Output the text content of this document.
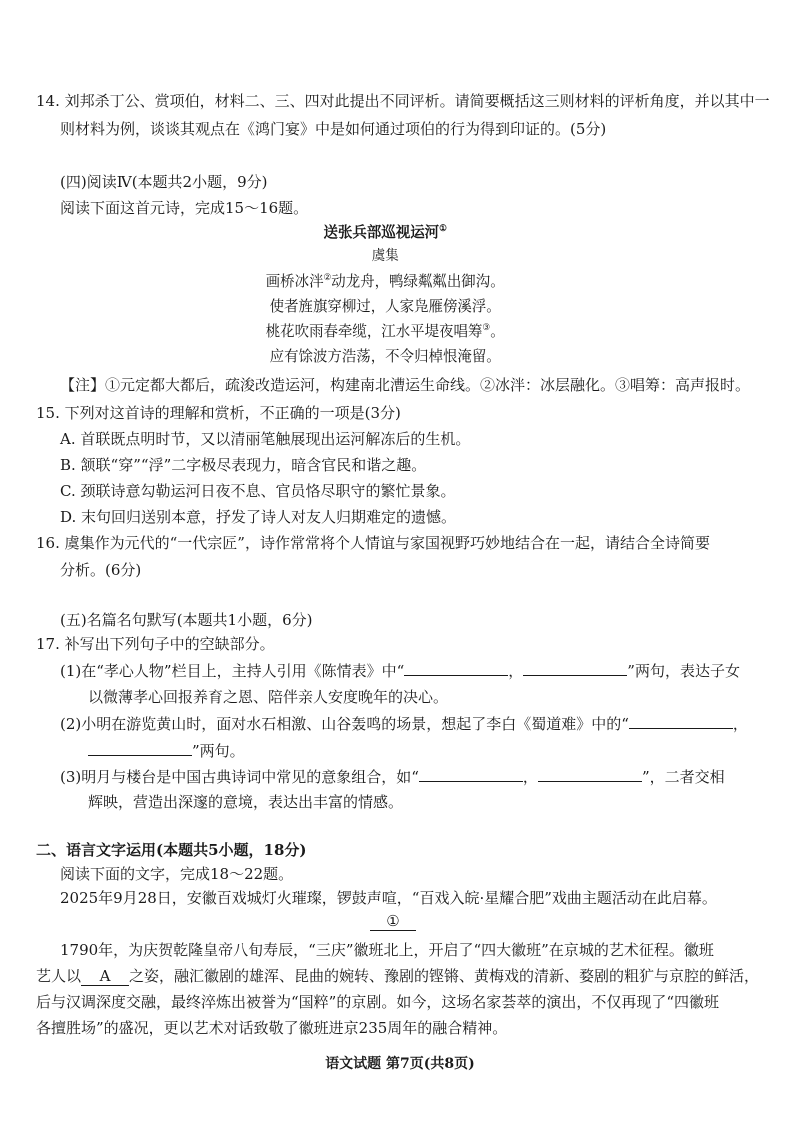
14. 刘邦杀丁公、赏项伯，材料二、三、四对此提出不同评析。请简要概括这三则材料的评析角度，并以其中一

则材料为例，谈谈其观点在《鸿门宴》中是如何通过项伯的行为得到印证的。(5分)

(四)阅读Ⅳ(本题共2小题，9分)

阅读下面这首元诗，完成15～16题。

送张兵部巡视运河①

虞集

画桥冰泮②动龙舟，鸭绿粼粼出御沟。
使者旌旗穿柳过，人家凫雁傍溪浮。
桃花吹雨春牵缆，江水平堤夜唱筹③。
应有馀波方浩荡，不令归棹恨淹留。

【注】①元定都大都后，疏浚改造运河，构建南北漕运生命线。②冰泮：冰层融化。③唱筹：高声报时。

15. 下列对这首诗的理解和赏析，不正确的一项是(3分)

A. 首联既点明时节，又以清丽笔触展现出运河解冻后的生机。

B. 颔联“穿”“浮”二字极尽表现力，暗含官民和谐之趣。

C. 颈联诗意勾勒运河日夜不息、官员恪尽职守的繁忙景象。

D. 末句回归送别本意，抒发了诗人对友人归期难定的遗憾。

16. 虞集作为元代的“一代宗匠”，诗作常常将个人情谊与家国视野巧妙地结合在一起，请结合全诗简要

分析。(6分)

(五)名篇名句默写(本题共1小题，6分)

17. 补写出下列句子中的空缺部分。

(1)在“孝心人物”栏目上，主持人引用《陈情表》中“	，	”两句，表达子女

以微薄孝心回报养育之恩、陪伴亲人安度晚年的决心。

(2)小明在游览黄山时，面对水石相激、山谷轰鸣的场景，想起了李白《蜀道难》中的“	，
”两句。
(3)明月与楼台是中国古典诗词中常见的意象组合，如“	，	”，二者交相

辉映，营造出深邃的意境，表达出丰富的情感。

二、语言文字运用(本题共5小题，18分)

阅读下面的文字，完成18～22题。

2025年9月28日，安徽百戏城灯火璀璨，锣鼓声喧，“百戏入皖·星耀合肥”戏曲主题活动在此启幕。

①

1790年，为庆贺乾隆皇帝八旬寿辰，“三庆”徽班北上，开启了“四大徽班”在京城的艺术征程。徽班

艺人以 A 之姿，融汇徽剧的雄浑、昆曲的婉转、豫剧的铿锵、黄梅戏的清新、婺剧的粗犷与京腔的鲜活，

后与汉调深度交融，最终淬炼出被誉为“国粹”的京剧。如今，这场名家荟萃的演出，不仅再现了“四徽班

各擅胜场”的盛况，更以艺术对话致敬了徽班进京235周年的融合精神。

语文试题 第7页(共8页)
